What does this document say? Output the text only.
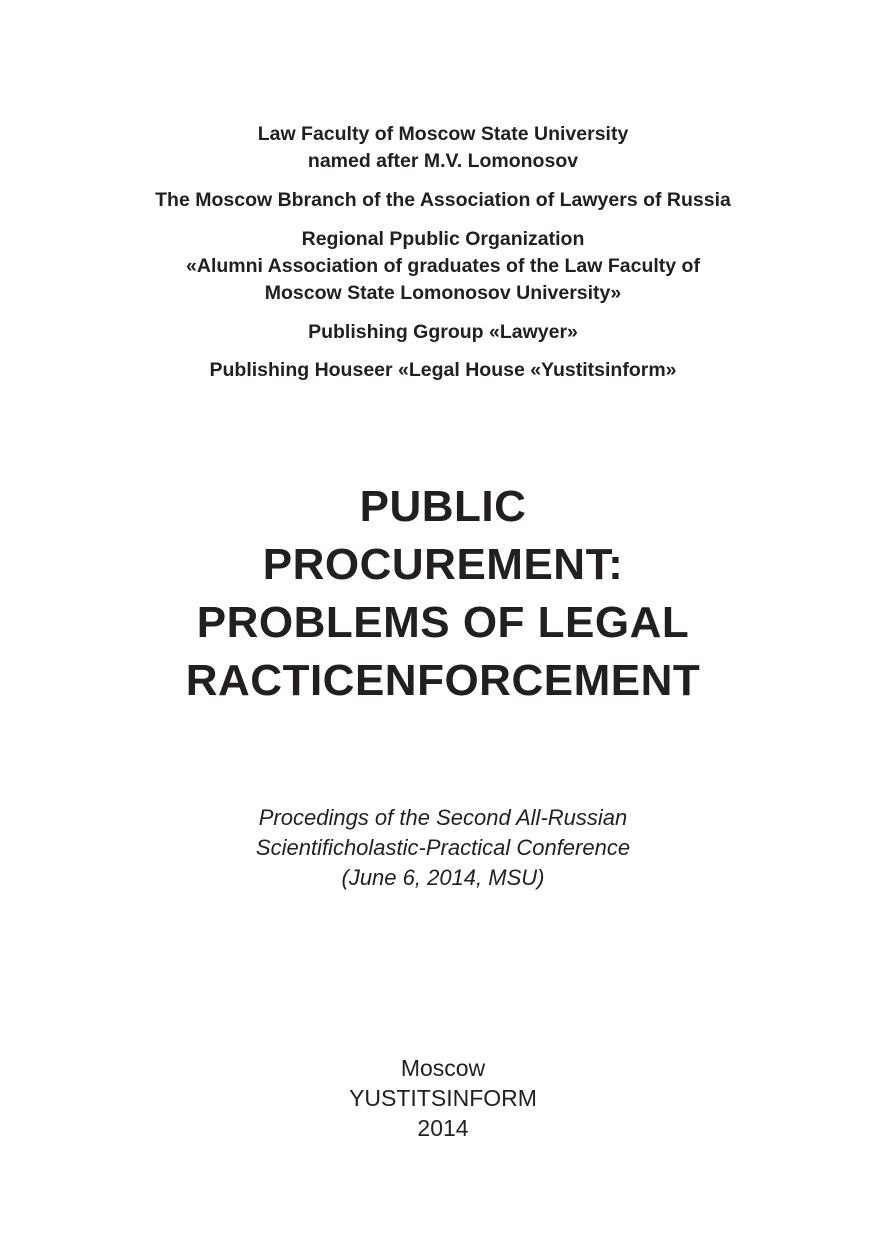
Law Faculty of Moscow State University
named after M.V. Lomonosov
The Moscow Bbranch of the Association of Lawyers of Russia
Regional Ppublic Organization
«Alumni Association of graduates of the Law Faculty of
Moscow State Lomonosov University»
Publishing Ggroup «Lawyer»
Publishing Houseer «Legal House «Yustitsinform»
PUBLIC
PROCUREMENT:
PROBLEMS OF LEGAL
RACTICENFORCEMENT
Procedings of the Second All-Russian
Scientificholastic-Practical Conference
(June 6, 2014, MSU)
Moscow
YUSTITSINFORM
2014
